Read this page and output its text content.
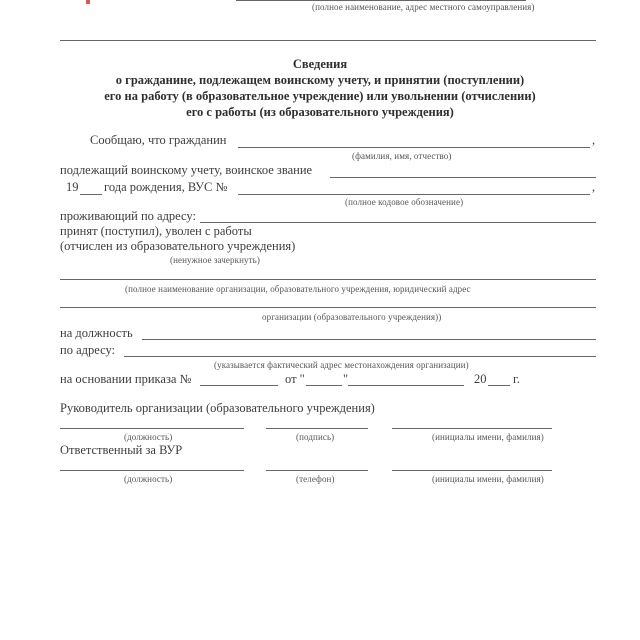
(полное наименование, адрес местного самоуправления)
Сведения
о гражданине, подлежащем воинскому учету, и принятии (поступлении)
его на работу (в образовательное учреждение) или увольнении (отчислении)
его с работы (из образовательного учреждения)
Сообщаю, что гражданин	,
(фамилия, имя, отчество)
подлежащий воинскому учету, воинское звание
19 года рождения, ВУС №	,
(полное кодовое обозначение)
проживающий по адресу:
принят (поступил), уволен с работы
(отчислен из образовательного учреждения)
(ненужное зачеркнуть)
(полное наименование организации, образовательного учреждения, юридический адрес
организации (образовательного учреждения))
на должность
по адресу:
(указывается фактический адрес местонахождения организации)
на основании приказа №	от "	"	20 г.
Руководитель организации (образовательного учреждения)
(должность)	(подпись)	(инициалы имени, фамилия)
Ответственный за ВУР
(должность)	(телефон)	(инициалы имени, фамилия)
